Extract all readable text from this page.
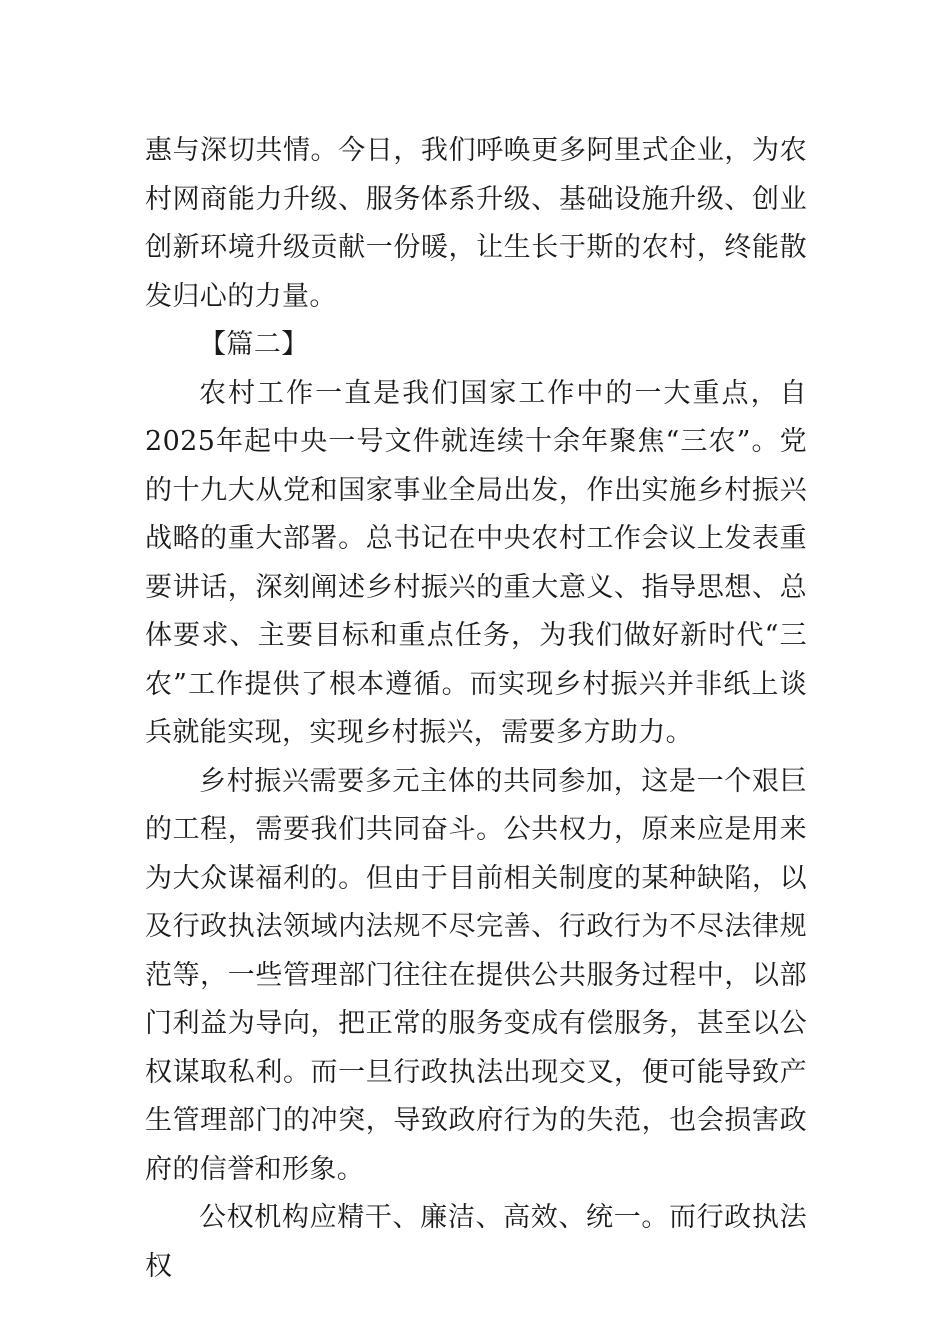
惠与深切共情。今日，我们呼唤更多阿里式企业，为农村网商能力升级、服务体系升级、基础设施升级、创业创新环境升级贡献一份暖，让生长于斯的农村，终能散发归心的力量。

【篇二】

农村工作一直是我们国家工作中的一大重点，自2025年起中央一号文件就连续十余年聚焦“三农”。党的十九大从党和国家事业全局出发，作出实施乡村振兴战略的重大部署。总书记在中央农村工作会议上发表重要讲话，深刻阐述乡村振兴的重大意义、指导思想、总体要求、主要目标和重点任务，为我们做好新时代“三农”工作提供了根本遵循。而实现乡村振兴并非纸上谈兵就能实现，实现乡村振兴，需要多方助力。

乡村振兴需要多元主体的共同参加，这是一个艰巨的工程，需要我们共同奋斗。公共权力，原来应是用来为大众谋福利的。但由于目前相关制度的某种缺陷，以及行政执法领域内法规不尽完善、行政行为不尽法律规范等，一些管理部门往往在提供公共服务过程中，以部门利益为导向，把正常的服务变成有偿服务，甚至以公权谋取私利。而一旦行政执法出现交叉，便可能导致产生管理部门的冲突，导致政府行为的失范，也会损害政府的信誉和形象。

公权机构应精干、廉洁、高效、统一。而行政执法权
